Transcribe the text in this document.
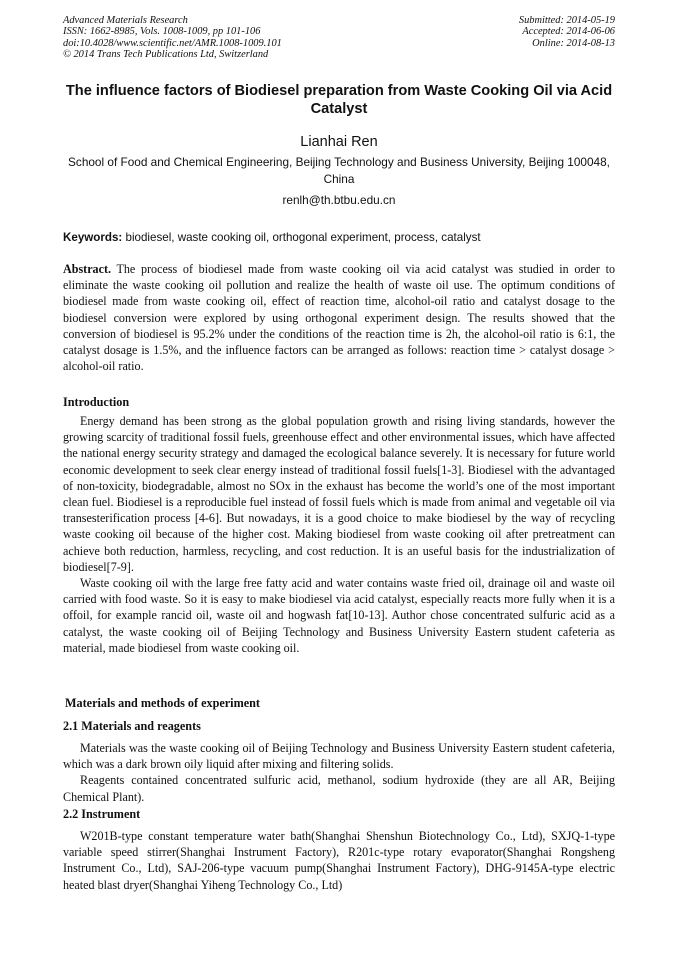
Advanced Materials Research
ISSN: 1662-8985, Vols. 1008-1009, pp 101-106
doi:10.4028/www.scientific.net/AMR.1008-1009.101
© 2014 Trans Tech Publications Ltd, Switzerland
Submitted: 2014-05-19
Accepted: 2014-06-06
Online: 2014-08-13
The influence factors of Biodiesel preparation from Waste Cooking Oil via Acid Catalyst
Lianhai Ren
School of Food and Chemical Engineering, Beijing Technology and Business University, Beijing 100048, China
renlh@th.btbu.edu.cn
Keywords: biodiesel, waste cooking oil, orthogonal experiment, process, catalyst

Abstract. The process of biodiesel made from waste cooking oil via acid catalyst was studied in order to eliminate the waste cooking oil pollution and realize the health of waste oil use. The optimum conditions of biodiesel made from waste cooking oil, effect of reaction time, alcohol-oil ratio and catalyst dosage to the biodiesel conversion were explored by using orthogonal experiment design. The results showed that the conversion of biodiesel is 95.2% under the conditions of the reaction time is 2h, the alcohol-oil ratio is 6:1, the catalyst dosage is 1.5%, and the influence factors can be arranged as follows: reaction time > catalyst dosage > alcohol-oil ratio.

Introduction

Energy demand has been strong as the global population growth and rising living standards, however the growing scarcity of traditional fossil fuels, greenhouse effect and other environmental issues, which have affected the national energy security strategy and damaged the ecological balance severely. It is necessary for future world economic development to seek clear energy instead of traditional fossil fuels[1-3]. Biodiesel with the advantaged of non-toxicity, biodegradable, almost no SOx in the exhaust has become the world’s one of the most important clean fuel. Biodiesel is a reproducible fuel instead of fossil fuels which is made from animal and vegetable oil via transesterification process [4-6]. But nowadays, it is a good choice to make biodiesel by the way of recycling waste cooking oil because of the higher cost. Making biodiesel from waste cooking oil after pretreatment can achieve both reduction, harmless, recycling, and cost reduction. It is an useful basis for the industrialization of biodiesel[7-9].

Waste cooking oil with the large free fatty acid and water contains waste fried oil, drainage oil and waste oil carried with food waste. So it is easy to make biodiesel via acid catalyst, especially reacts more fully when it is a offoil, for example rancid oil, waste oil and hogwash fat[10-13]. Author chose concentrated sulfuric acid as a catalyst, the waste cooking oil of Beijing Technology and Business University Eastern student cafeteria as material, made biodiesel from waste cooking oil.

Materials and methods of experiment
2.1 Materials and reagents

Materials was the waste cooking oil of Beijing Technology and Business University Eastern student cafeteria, which was a dark brown oily liquid after mixing and filtering solids.

Reagents contained concentrated sulfuric acid, methanol, sodium hydroxide (they are all AR, Beijing Chemical Plant).

2.2 Instrument

W201B-type constant temperature water bath(Shanghai Shenshun Biotechnology Co., Ltd), SXJQ-1-type variable speed stirrer(Shanghai Instrument Factory), R201c-type rotary evaporator(Shanghai Rongsheng Instrument Co., Ltd), SAJ-206-type vacuum pump(Shanghai Instrument Factory), DHG-9145A-type electric heated blast dryer(Shanghai Yiheng Technology Co., Ltd)
